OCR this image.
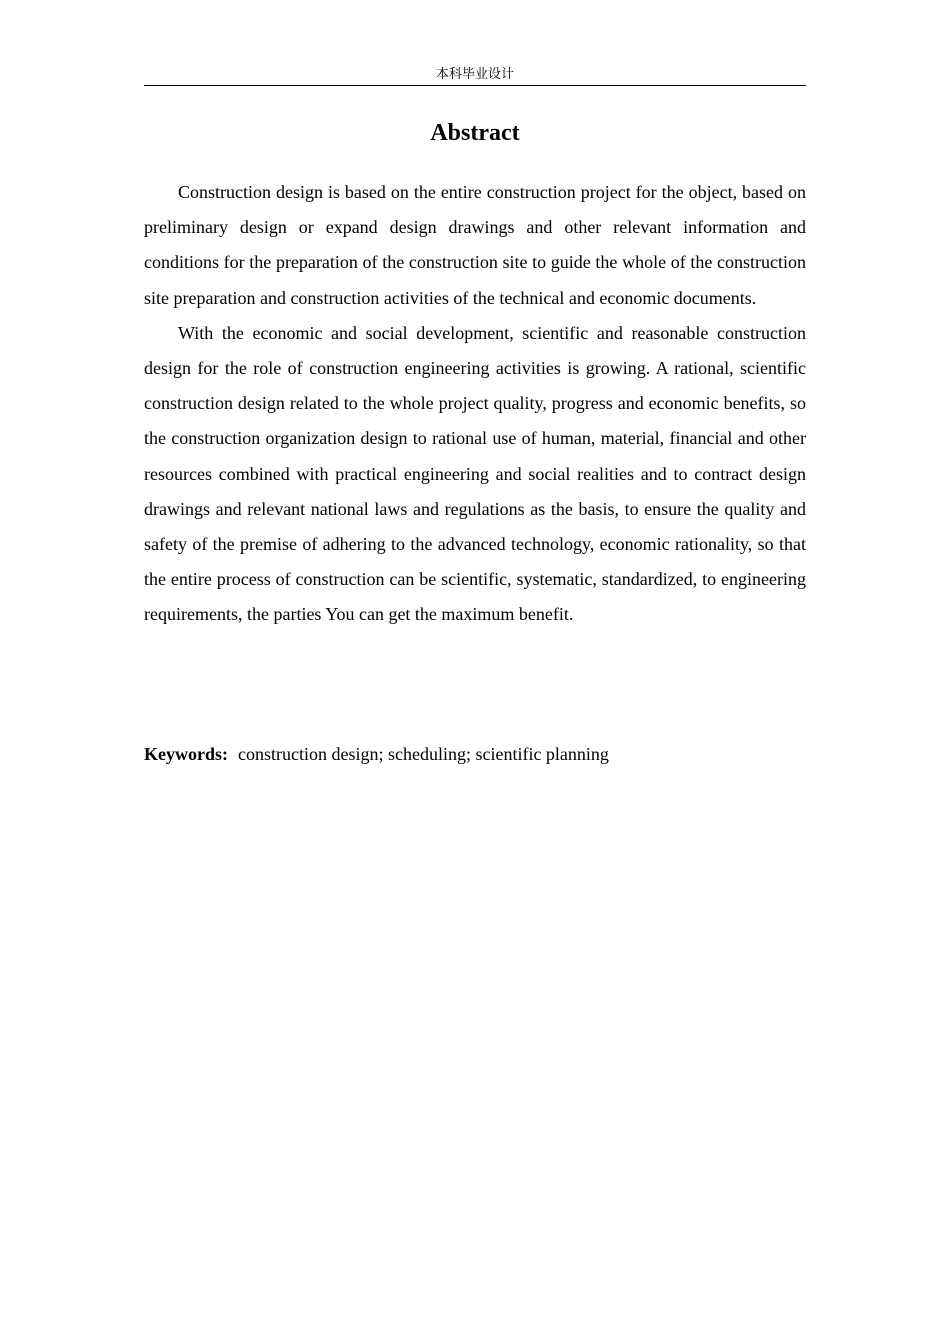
本科毕业设计
Abstract

Construction design is based on the entire construction project for the object, based on preliminary design or expand design drawings and other relevant information and conditions for the preparation of the construction site to guide the whole of the construction site preparation and construction activities of the technical and economic documents.

With the economic and social development, scientific and reasonable construction design for the role of construction engineering activities is growing. A rational, scientific construction design related to the whole project quality, progress and economic benefits, so the construction organization design to rational use of human, material, financial and other resources combined with practical engineering and social realities and to contract design drawings and relevant national laws and regulations as the basis, to ensure the quality and safety of the premise of adhering to the advanced technology, economic rationality, so that the entire process of construction can be scientific, systematic, standardized, to engineering requirements, the parties You can get the maximum benefit.

Keywords: construction design; scheduling; scientific planning
